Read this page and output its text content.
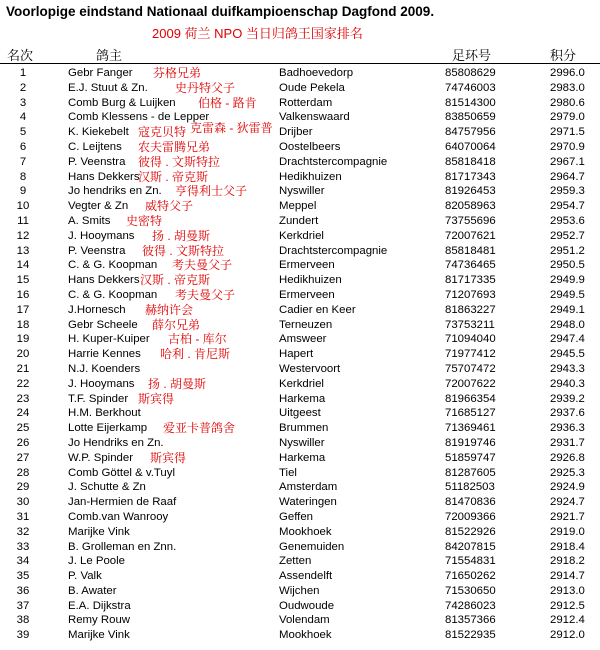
Voorlopige eindstand Nationaal duifkampioenschap Dagfond 2009.
2009 荷兰 NPO 当日归鸽王国家排名
名次	鸽主	足环号	积分
1	Gebr Fanger	Badhoevedorp	85808629	2996.0
芬格兄弟
2	E.J. Stuut & Zn.	Oude Pekela	74746003	2983.0
史丹特父子
3	Comb Burg & Luijken	Rotterdam	81514300	2980.6
伯格 - 路肯
4	Comb Klessens - de Lepper	Valkenswaard	83850659	2979.0
5	K. Kiekebelt	Drijber	84757956	2971.5
寇克贝特 克雷森 - 狄雷普
6	C. Leijtens	Oostelbeers	64070064	2970.9
农夫雷腾兄弟
7	P. Veenstra	Drachtstercompagnie	85818418	2967.1
彼得 . 文斯特拉
8	Hans Dekkers	Hedikhuizen	81717343	2964.7
汉斯 . 帝克斯
9	Jo hendriks en Zn.	Nyswiller	81926453	2959.3
亨得利士父子
10	Vegter & Zn	Meppel	82058963	2954.7
威特父子
11	A. Smits	Zundert	73755696	2953.6
史密特
12	J. Hooymans	Kerkdriel	72007621	2952.7
扬 . 胡曼斯
13	P. Veenstra	Drachtstercompagnie	85818481	2951.2
彼得 . 文斯特拉
14	C. & G. Koopman	Ermerveen	74736465	2950.5
考夫曼父子
15	Hans Dekkers	Hedikhuizen	81717335	2949.9
汉斯 . 帝克斯
16	C. & G. Koopman	Ermerveen	71207693	2949.5
考夫曼父子
17	J.Hornesch	Cadier en Keer	81863227	2949.1
赫纳许会
18	Gebr Scheele	Terneuzen	73753211	2948.0
薛尔兄弟
19	H. Kuper-Kuiper	Amsweer	71094040	2947.4
古柏 - 库尔
20	Harrie Kennes	Hapert	71977412	2945.5
哈利 . 肯尼斯
21	N.J. Koenders	Westervoort	75707472	2943.3
22	J. Hooymans	Kerkdriel	72007622	2940.3
扬 . 胡曼斯
23	T.F. Spinder	Harkema	81966354	2939.2
斯宾得
24	H.M. Berkhout	Uitgeest	71685127	2937.6
25	Lotte Eijerkamp	Brummen	71369461	2936.3
爱亚卡普鸽舍
26	Jo Hendriks en Zn.	Nyswiller	81919746	2931.7
27	W.P. Spinder	Harkema	51859747	2926.8
斯宾得
28	Comb Göttel & v.Tuyl	Tiel	81287605	2925.3
29	J. Schutte & Zn	Amsterdam	51182503	2924.9
30	Jan-Hermien de Raaf	Wateringen	81470836	2924.7
31	Comb.van Wanrooy	Geffen	72009366	2921.7
32	Marijke Vink	Mookhoek	81522926	2919.0
33	B. Grolleman en Znn.	Genemuiden	84207815	2918.4
34	J. Le Poole	Zetten	71554831	2918.2
35	P. Valk	Assendelft	71650262	2914.7
36	B. Awater	Wijchen	71530650	2913.0
37	E.A. Dijkstra	Oudwoude	74286023	2912.5
38	Remy Rouw	Volendam	81357366	2912.4
39	Marijke Vink	Mookhoek	81522935	2912.0
